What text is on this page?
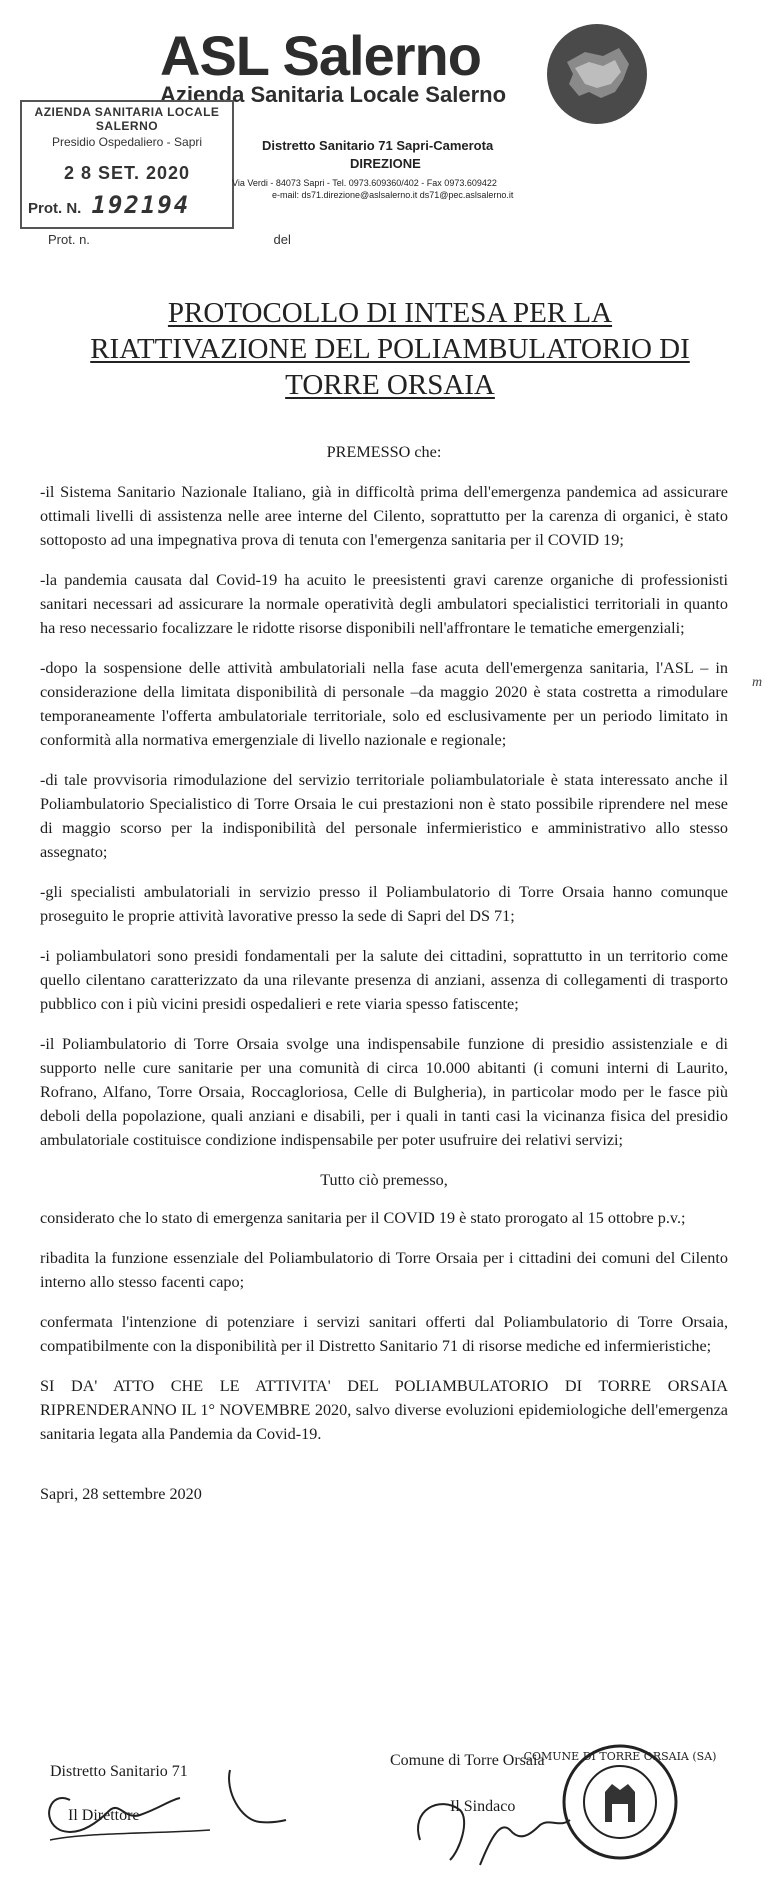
ASL Salerno
Azienda Sanitaria Locale Salerno
AZIENDA SANITARIA LOCALE SALERNO
Presidio Ospedaliero - Sapri
2 8 SET. 2020
Prot. N. 192194
Distretto Sanitario 71 Sapri-Camerota
DIREZIONE
Via Verdi - 84073 Sapri - Tel. 0973.609360/402 - Fax 0973.609422
e-mail: ds71.direzione@aslsalerno.it ds71@pec.aslsalerno.it
Prot. n.	del
PROTOCOLLO DI INTESA PER LA RIATTIVAZIONE DEL POLIAMBULATORIO DI TORRE ORSAIA
PREMESSO che:

-il Sistema Sanitario Nazionale Italiano, già in difficoltà prima dell'emergenza pandemica ad assicurare ottimali livelli di assistenza nelle aree interne del Cilento, soprattutto per la carenza di organici, è stato sottoposto ad una impegnativa prova di tenuta con l'emergenza sanitaria per il COVID 19;

-la pandemia causata dal Covid-19 ha acuito le preesistenti gravi carenze organiche di professionisti sanitari necessari ad assicurare la normale operatività degli ambulatori specialistici territoriali in quanto ha reso necessario focalizzare le ridotte risorse disponibili nell'affrontare le tematiche emergenziali;

-dopo la sospensione delle attività ambulatoriali nella fase acuta dell'emergenza sanitaria, l'ASL – in considerazione della limitata disponibilità di personale –da maggio 2020 è stata costretta a rimodulare temporaneamente l'offerta ambulatoriale territoriale, solo ed esclusivamente per un periodo limitato in conformità alla normativa emergenziale di livello nazionale e regionale;

-di tale provvisoria rimodulazione del servizio territoriale poliambulatoriale è stata interessato anche il Poliambulatorio Specialistico di Torre Orsaia le cui prestazioni non è stato possibile riprendere nel mese di maggio scorso per la indisponibilità del personale infermieristico e amministrativo allo stesso assegnato;

-gli specialisti ambulatoriali in servizio presso il Poliambulatorio di Torre Orsaia hanno comunque proseguito le proprie attività lavorative presso la sede di Sapri del DS 71;

-i poliambulatori sono presidi fondamentali per la salute dei cittadini, soprattutto in un territorio come quello cilentano caratterizzato da una rilevante presenza di anziani, assenza di collegamenti di trasporto pubblico con i più vicini presidi ospedalieri e rete viaria spesso fatiscente;

-il Poliambulatorio di Torre Orsaia svolge una indispensabile funzione di presidio assistenziale e di supporto nelle cure sanitarie per una comunità di circa 10.000 abitanti (i comuni interni di Laurito, Rofrano, Alfano, Torre Orsaia, Roccagloriosa, Celle di Bulgheria), in particolar modo per le fasce più deboli della popolazione, quali anziani e disabili, per i quali in tanti casi la vicinanza fisica del presidio ambulatoriale costituisce condizione indispensabile per poter usufruire dei relativi servizi;

Tutto ciò premesso,

considerato che lo stato di emergenza sanitaria per il COVID 19 è stato prorogato al 15 ottobre p.v.;

ribadita la funzione essenziale del Poliambulatorio di Torre Orsaia per i cittadini dei comuni del Cilento interno allo stesso facenti capo;

confermata l'intenzione di potenziare i servizi sanitari offerti dal Poliambulatorio di Torre Orsaia, compatibilmente con la disponibilità per il Distretto Sanitario 71 di risorse mediche ed infermieristiche;

SI DA' ATTO CHE LE ATTIVITA' DEL POLIAMBULATORIO DI TORRE ORSAIA RIPRENDERANNO IL 1° NOVEMBRE 2020, salvo diverse evoluzioni epidemiologiche dell'emergenza sanitaria legata alla Pandemia da Covid-19.

Sapri, 28 settembre 2020
Distretto Sanitario 71
Il Direttore
Comune di Torre Orsaia
Il Sindaco
COMUNE DI TORRE ORSAIA (SA)
m
